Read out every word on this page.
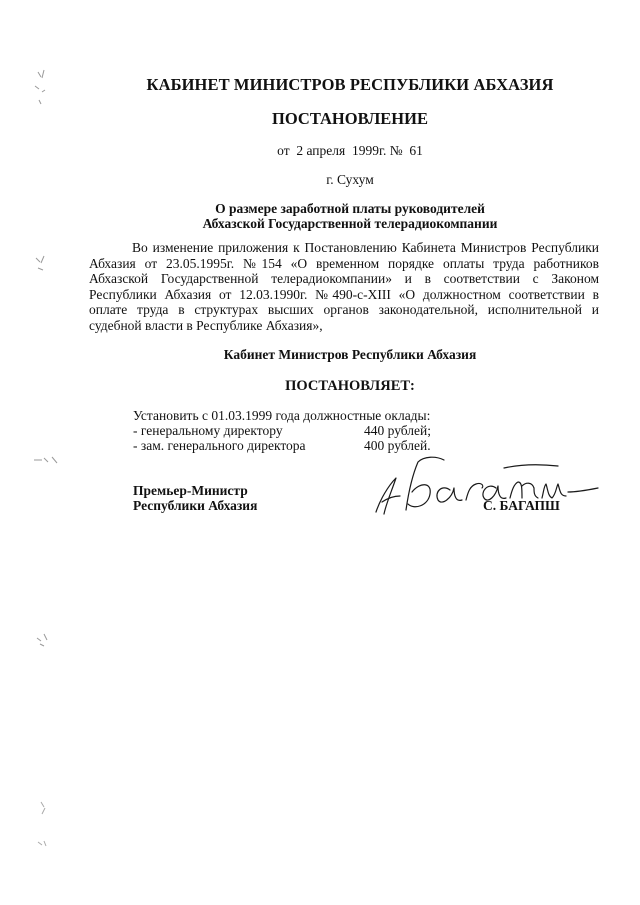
КАБИНЕТ МИНИСТРОВ РЕСПУБЛИКИ АБХАЗИЯ
ПОСТАНОВЛЕНИЕ
от  2 апреля  1999г. №  61
г. Сухум
О размере заработной платы руководителей
Абхазской Государственной телерадиокомпании

Во изменение приложения к Постановлению Кабинета Министров Республики Абхазия от 23.05.1995г. №154 «О временном порядке оплаты труда работников Абхазской Государственной телерадиокомпании» и в соответствии с Законом Республики Абхазия от 12.03.1990г. №490-с-XIII «О должностном соответствии в оплате труда в структурах высших органов законодательной, исполнительной и судебной власти в Республике Абхазия»,

Кабинет Министров Республики Абхазия
ПОСТАНОВЛЯЕТ:
Установить с 01.03.1999 года должностные оклады:
- генеральному директору	440 рублей;
- зам. генерального директора	400 рублей.
Премьер-Министр
Республики Абхазия	С. БАГАПШ
